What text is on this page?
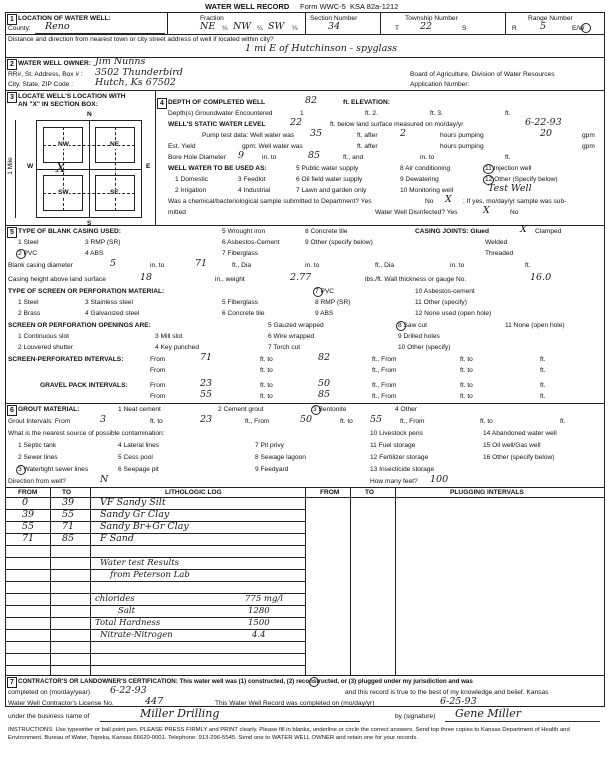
WATER WELL RECORD Form WWC-5 KSA 82a-1212
1 LOCATION OF WATER WELL:
County: Reno
Fraction
NE ¼ NW ¼ SW ¼
Section Number
34
Township Number
T 22	S
Range Number
R 5	E/W
Distance and direction from nearest town or city street address of well if located within city?
1 mi E of Hutchinson - spyglass
2 WATER WELL OWNER: Jim Nunns
RR#, St. Address, Box # : 3502 Thunderbird
City, State, ZIP Code : Hutch, Ks 67502
Board of Agriculture, Division of Water Resources
Application Number:
3 LOCATE WELL'S LOCATION WITH
AN "X" IN SECTION BOX:
N
S
W	E
1 Mile
NW	NE
SW	SE
X
4 DEPTH OF COMPLETED WELL	82	ft. ELEVATION:
Depth(s) Groundwater Encountered	1	ft. 2.	ft. 3.	ft.
WELL'S STATIC WATER LEVEL	22	ft. below land surface measured on mo/day/yr	6-22-93
Pump test data: Well water was 35	ft. after 2	hours pumping	20	gpm
Est. Yield	gpm: Well water was	ft. after	hours pumping	gpm
Bore Hole Diameter 9	in. to	85	ft., and	in. to	ft.
WELL WATER TO BE USED AS:	5 Public water supply	8 Air conditioning	11 Injection well
1 Domestic	3 Feedlot	6 Oil field water supply	9 Dewatering	12 Other (Specify below)
2 Irrigation	4 Industrial	7 Lawn and garden only	10 Monitoring well	Test Well
Was a chemical/bacteriological sample submitted to Department? Yes	No X ; If yes, mo/day/yr sample was sub-
mitted	Water Well Disinfected? Yes	X	No
5 TYPE OF BLANK CASING USED:	5 Wrought iron	8 Concrete tile	CASING JOINTS: Glued	X Clamped
1 Steel	3 RMP (SR)	6 Asbestos-Cement	9 Other (specify below)	Welded
2 PVC	4 ABS	7 Fiberglass	Threaded
Blank casing diameter	5	in. to	71	ft., Dia	in. to	ft., Dia	in. to	ft.
Casing height above land surface	18	in., weight	2.77	lbs./ft. Wall thickness or gauge No.	16.0
TYPE OF SCREEN OR PERFORATION MATERIAL:	7 PVC	10 Asbestos-cement
1 Steel	3 Stainless steel	5 Fiberglass	8 RMP (SR)	11 Other (specify)
2 Brass	4 Galvanized steel	6 Concrete tile	9 ABS	12 None used (open hole)
SCREEN OR PERFORATION OPENINGS ARE:	5 Gauzed wrapped	8 Saw cut	11 None (open hole)
1 Continuous slot	3 Mill slot	6 Wire wrapped	9 Drilled holes
2 Louvered shutter	4 Key punched	7 Torch cut	10 Other (specify)
SCREEN-PERFORATED INTERVALS:	From	71	ft. to	82	ft., From	ft. to	ft.
From	ft. to	ft., From	ft. to	ft.
GRAVEL PACK INTERVALS:	From	23	ft. to	50	ft., From	ft. to	ft.
From	55	ft. to	85	ft., From	ft. to	ft.
6 GROUT MATERIAL:	1 Neat cement	2 Cement grout	3 Bentonite	4 Other
Grout Intervals: From	3	ft. to	23	ft., From	50	ft. to 55	ft., From	ft. to	ft.
What is the nearest source of possible contamination:	10 Livestock pens	14 Abandoned water well
1 Septic tank	4 Lateral lines	7 Pit privy	11 Fuel storage	15 Oil well/Gas well
2 Sewer lines	5 Cess pool	8 Sewage lagoon	12 Fertilizer storage	16 Other (specify below)
3 Watertight sewer lines	6 Seepage pit	9 Feedyard	13 Insecticide storage
Direction from well?	N	How many feet? 100
FROM	TO	LITHOLOGIC LOG	FROM	TO	PLUGGING INTERVALS
0	39	VF Sandy Silt
39	55	Sandy Gr Clay
55	71	Sandy Br+Gr Clay
71	85	F Sand
Water test Results
from Peterson Lab
chlorides	775 mg/l
Salt	1280
Total Hardness	1500
Nitrate-Nitrogen	4.4
7 CONTRACTOR'S OR LANDOWNER'S CERTIFICATION: This water well was (1) constructed, (2) reconstructed, or (3) plugged under my jurisdiction and was
completed on (mo/day/year) 6-22-93	and this record is true to the best of my knowledge and belief. Kansas
Water Well Contractor's License No.	447	This Water Well Record was completed on (mo/day/yr)	6-25-93
under the business name of	Miller Drilling	by (signature) Gene Miller
INSTRUCTIONS: Use typewriter or ball point pen. PLEASE PRESS FIRMLY and PRINT clearly. Please fill in blanks, underline or circle the correct answers. Send top three copies to Kansas Department of Health and Environment, Bureau of Water, Topeka, Kansas 66620-0001. Telephone: 913-296-5545. Send one to WATER WELL OWNER and retain one for your records.
